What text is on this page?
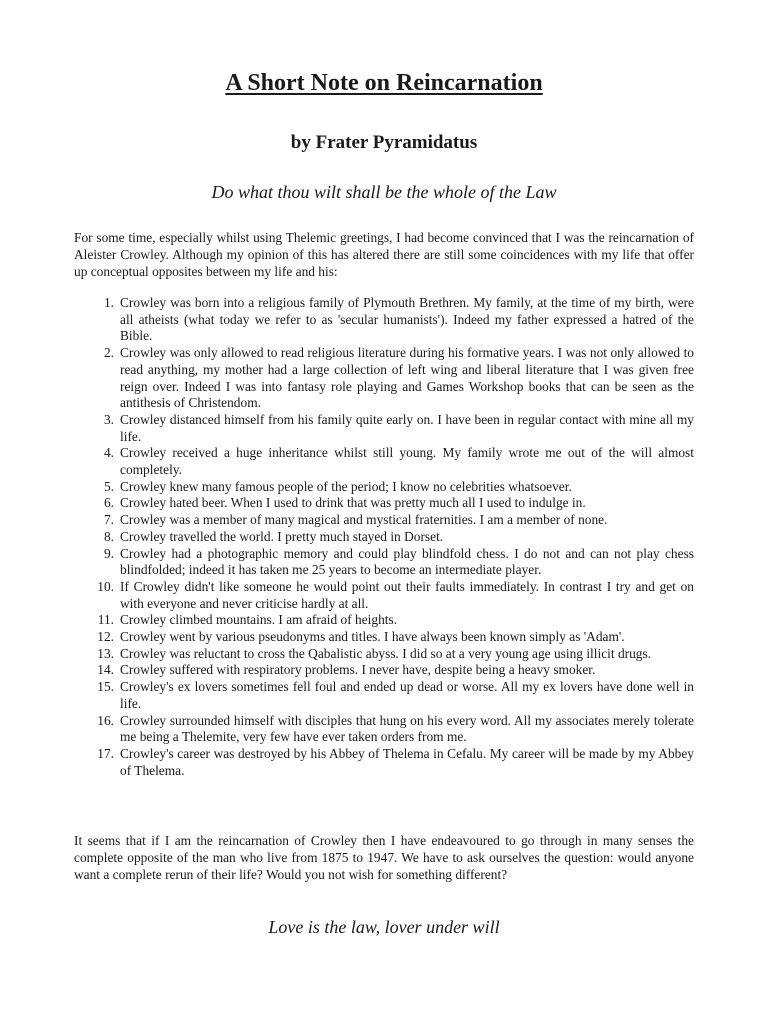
A Short Note on Reincarnation
by Frater Pyramidatus
Do what thou wilt shall be the whole of the Law

For some time, especially whilst using Thelemic greetings, I had become convinced that I was the reincarnation of Aleister Crowley. Although my opinion of this has altered there are still some coincidences with my life that offer up conceptual opposites between my life and his:

1. Crowley was born into a religious family of Plymouth Brethren. My family, at the time of my birth, were all atheists (what today we refer to as 'secular humanists'). Indeed my father expressed a hatred of the Bible.
2. Crowley was only allowed to read religious literature during his formative years. I was not only allowed to read anything, my mother had a large collection of left wing and liberal literature that I was given free reign over. Indeed I was into fantasy role playing and Games Workshop books that can be seen as the antithesis of Christendom.
3. Crowley distanced himself from his family quite early on. I have been in regular contact with mine all my life.
4. Crowley received a huge inheritance whilst still young. My family wrote me out of the will almost completely.
5. Crowley knew many famous people of the period; I know no celebrities whatsoever.
6. Crowley hated beer. When I used to drink that was pretty much all I used to indulge in.
7. Crowley was a member of many magical and mystical fraternities. I am a member of none.
8. Crowley travelled the world. I pretty much stayed in Dorset.
9. Crowley had a photographic memory and could play blindfold chess. I do not and can not play chess blindfolded; indeed it has taken me 25 years to become an intermediate player.
10. If Crowley didn't like someone he would point out their faults immediately. In contrast I try and get on with everyone and never criticise hardly at all.
11. Crowley climbed mountains. I am afraid of heights.
12. Crowley went by various pseudonyms and titles. I have always been known simply as 'Adam'.
13. Crowley was reluctant to cross the Qabalistic abyss. I did so at a very young age using illicit drugs.
14. Crowley suffered with respiratory problems. I never have, despite being a heavy smoker.
15. Crowley's ex lovers sometimes fell foul and ended up dead or worse. All my ex lovers have done well in life.
16. Crowley surrounded himself with disciples that hung on his every word. All my associates merely tolerate me being a Thelemite, very few have ever taken orders from me.
17. Crowley's career was destroyed by his Abbey of Thelema in Cefalu. My career will be made by my Abbey of Thelema.

It seems that if I am the reincarnation of Crowley then I have endeavoured to go through in many senses the complete opposite of the man who live from 1875 to 1947. We have to ask ourselves the question: would anyone want a complete rerun of their life? Would you not wish for something different?

Love is the law, lover under will
